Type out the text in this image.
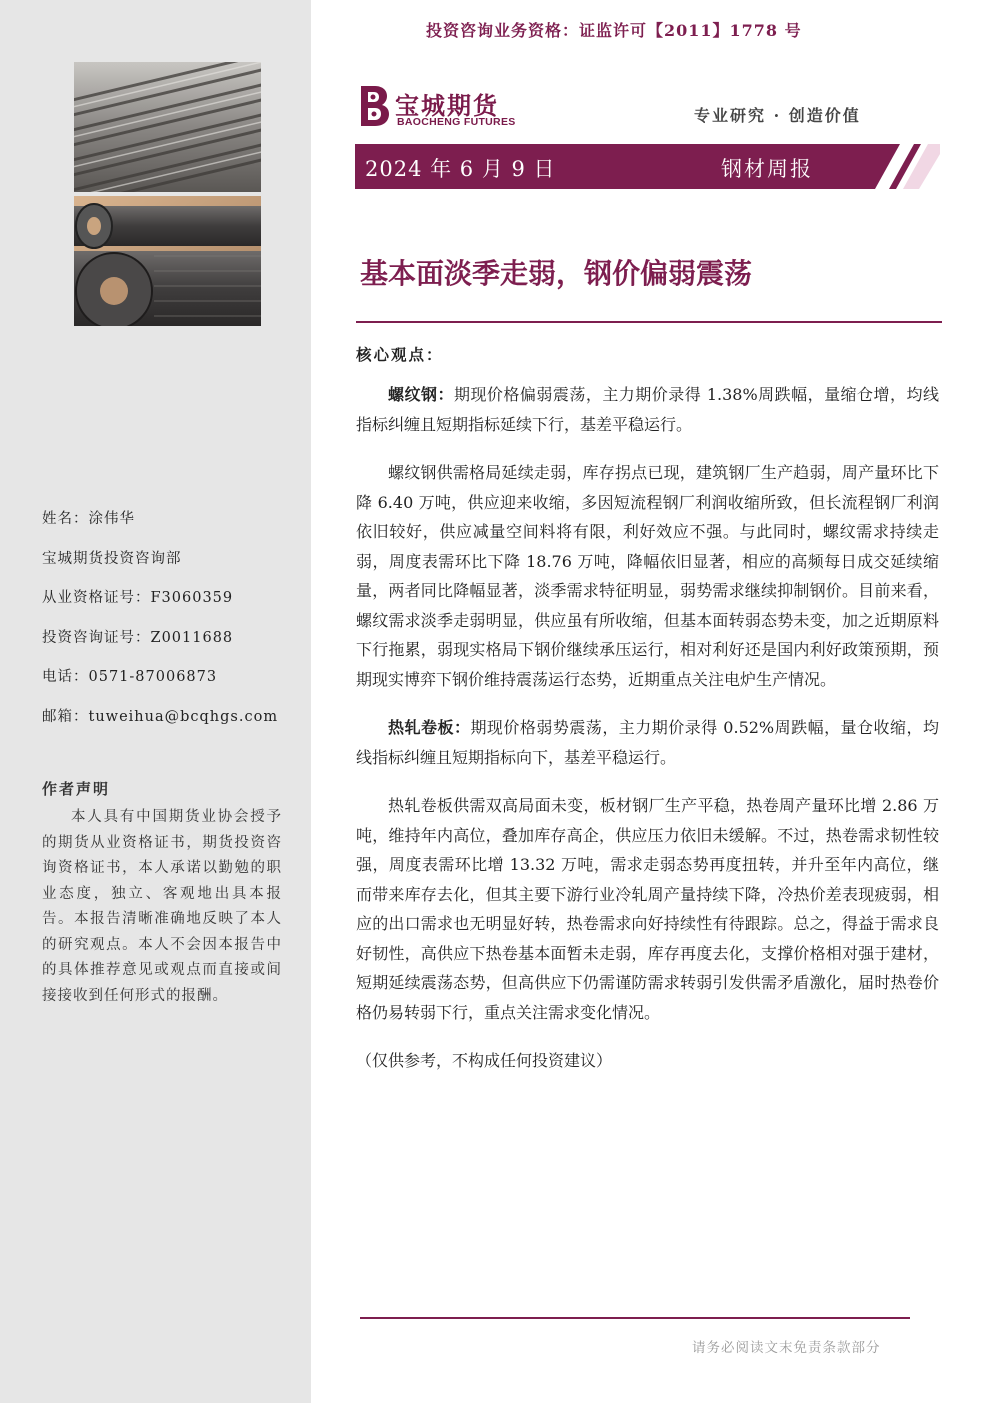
姓名：涂伟华
宝城期货投资咨询部
从业资格证号：F3060359
投资咨询证号：Z0011688
电话：0571-87006873
邮箱：tuweihua@bcqhgs.com
作者声明
本人具有中国期货业协会授予的期货从业资格证书，期货投资咨询资格证书，本人承诺以勤勉的职业态度，独立、客观地出具本报告。本报告清晰准确地反映了本人的研究观点。本人不会因本报告中的具体推荐意见或观点而直接或间接接收到任何形式的报酬。
投资咨询业务资格：证监许可【2011】1778 号
宝城期货
BAOCHENG FUTURES	专业研究 · 创造价值
2024 年 6 月 9 日	钢材周报
基本面淡季走弱，钢价偏弱震荡
核心观点：

螺纹钢：期现价格偏弱震荡，主力期价录得 1.38%周跌幅，量缩仓增，均线指标纠缠且短期指标延续下行，基差平稳运行。

螺纹钢供需格局延续走弱，库存拐点已现，建筑钢厂生产趋弱，周产量环比下降 6.40 万吨，供应迎来收缩，多因短流程钢厂利润收缩所致，但长流程钢厂利润依旧较好，供应减量空间料将有限，利好效应不强。与此同时，螺纹需求持续走弱，周度表需环比下降 18.76 万吨，降幅依旧显著，相应的高频每日成交延续缩量，两者同比降幅显著，淡季需求特征明显，弱势需求继续抑制钢价。目前来看，螺纹需求淡季走弱明显，供应虽有所收缩，但基本面转弱态势未变，加之近期原料下行拖累，弱现实格局下钢价继续承压运行，相对利好还是国内利好政策预期，预期现实博弈下钢价维持震荡运行态势，近期重点关注电炉生产情况。

热轧卷板：期现价格弱势震荡，主力期价录得 0.52%周跌幅，量仓收缩，均线指标纠缠且短期指标向下，基差平稳运行。

热轧卷板供需双高局面未变，板材钢厂生产平稳，热卷周产量环比增 2.86 万吨，维持年内高位，叠加库存高企，供应压力依旧未缓解。不过，热卷需求韧性较强，周度表需环比增 13.32 万吨，需求走弱态势再度扭转，并升至年内高位，继而带来库存去化，但其主要下游行业冷轧周产量持续下降，冷热价差表现疲弱，相应的出口需求也无明显好转，热卷需求向好持续性有待跟踪。总之，得益于需求良好韧性，高供应下热卷基本面暂未走弱，库存再度去化，支撑价格相对强于建材，短期延续震荡态势，但高供应下仍需谨防需求转弱引发供需矛盾激化，届时热卷价格仍易转弱下行，重点关注需求变化情况。

（仅供参考，不构成任何投资建议）

请务必阅读文末免责条款部分
